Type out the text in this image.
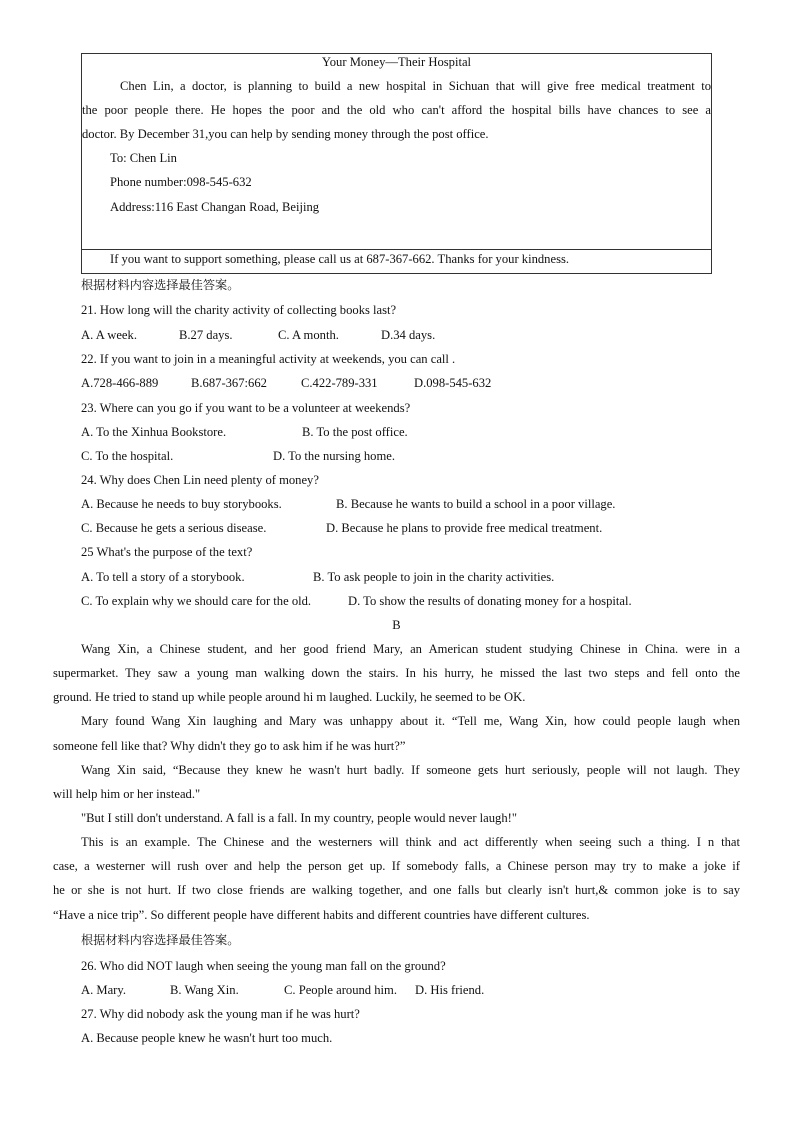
Your Money—Their Hospital
Chen Lin, a doctor, is planning to build a new hospital in Sichuan that will give free medical treatment to
the poor people there. He hopes the poor and the old who can't afford the hospital bills have chances to see a
doctor. By December 31,you can help by sending money through the post office.
To: Chen Lin
Phone number:098-545-632
Address:116 East Changan Road, Beijing
If you want to support something, please call us at 687-367-662. Thanks for your kindness.
根据材料内容选择最佳答案。
21. How long will the charity activity of collecting books last?
A. A week.	B.27 days.	C. A month.	D.34 days.
22. If you want to join in a meaningful activity at weekends, you can call .
A.728-466-889	B.687-367:662	C.422-789-331	D.098-545-632
23. Where can you go if you want to be a volunteer at weekends?
A. To the Xinhua Bookstore.	B. To the post office.
C. To the hospital.	D. To the nursing home.
24. Why does Chen Lin need plenty of money?
A. Because he needs to buy storybooks.	B. Because he wants to build a school in a poor village.
C. Because he gets a serious disease.	D. Because he plans to provide free medical treatment.
25 What's the purpose of the text?
A. To tell a story of a storybook.	B. To ask people to join in the charity activities.
C. To explain why we should care for the old.	D. To show the results of donating money for a hospital.
B
Wang Xin, a Chinese student, and her good friend Mary, an American student studying Chinese in China. were in a
supermarket. They saw a young man walking down the stairs. In his hurry, he missed the last two steps and fell onto the
ground. He tried to stand up while people around hi m laughed. Luckily, he seemed to be OK.
Mary found Wang Xin laughing and Mary was unhappy about it. “Tell me, Wang Xin, how could people laugh when
someone fell like that? Why didn't they go to ask him if he was hurt?”
Wang Xin said, “Because they knew he wasn't hurt badly. If someone gets hurt seriously, people will not laugh. They
will help him or her instead."
"But I still don't understand. A fall is a fall. In my country, people would never laugh!"
This is an example. The Chinese and the westerners will think and act differently when seeing such a thing. I n that
case, a westerner will rush over and help the person get up. If somebody falls, a Chinese person may try to make a joke if
he or she is not hurt. If two close friends are walking together, and one falls but clearly isn't hurt,& common joke is to say
“Have a nice trip”. So different people have different habits and different countries have different cultures.
根据材料内容选择最佳答案。
26. Who did NOT laugh when seeing the young man fall on the ground?
A. Mary.	B. Wang Xin.	C. People around him. D. His friend.
27. Why did nobody ask the young man if he was hurt?
A. Because people knew he wasn't hurt too much.
